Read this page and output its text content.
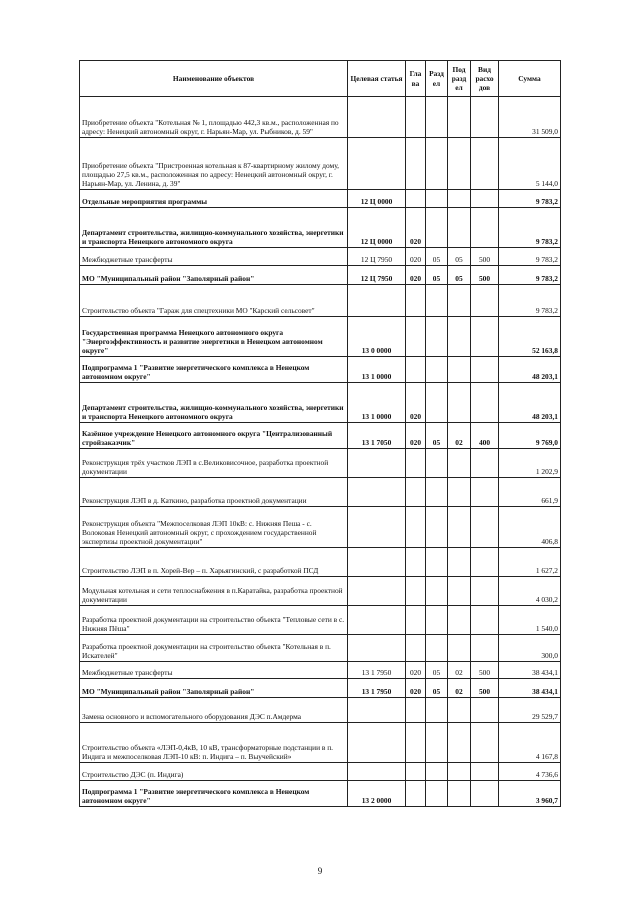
Наименование объектов	Целевая статья	Гла ва	Разд ел	Под разд ел	Вид расхо дов	Сумма
Приобретение объекта "Котельная № 1, площадью 442,3 кв.м., расположенная по адресу: Ненецкий автономный округ, г. Нарьян-Мар, ул. Рыбников, д. 59"						31 509,0
Приобретение объекта "Пристроенная котельная к 87-квартирному жилому дому, площадью 27,5 кв.м., расположенная по адресу: Ненецкий автономный округ, г. Нарьян-Мар, ул. Ленина, д. 39"						5 144,0
Отдельные мероприятия программы	12 Ц 0000					9 783,2
Департамент строительства, жилищно-коммунального хозяйства, энергетики и транспорта Ненецкого автономного округа	12 Ц 0000	020				9 783,2
Межбюджетные трансферты	12 Ц 7950	020	05	05	500	9 783,2
МО "Муниципальный район "Заполярный район"	12 Ц 7950	020	05	05	500	9 783,2
Строительство объекта "Гараж для спецтехники МО "Карский сельсовет"						9 783,2
Государственная программа Ненецкого автономного округа "Энергоэффективность и развитие энергетики в Ненецком автономном округе"	13 0 0000					52 163,8
Подпрограмма 1 "Развитие энергетического комплекса в Ненецком автономном округе"	13 1 0000					48 203,1
Департамент строительства, жилищно-коммунального хозяйства, энергетики и транспорта Ненецкого автономного округа	13 1 0000	020				48 203,1
Казённое учреждение Ненецкого автономного округа "Централизованный стройзаказчик"	13 1 7050	020	05	02	400	9 769,0
Реконструкция трёх участков ЛЭП в с.Великовисочное, разработка проектной документации						1 202,9
Реконструкция ЛЭП в д. Каткино, разработка проектной документации						661,9
Реконструкция объекта "Межпоселковая ЛЭП 10кВ: с. Нижняя Пеша - с. Волоковая Ненецкий автономный округ, с прохождением государственной экспертизы проектной документации"						406,8
Строительство ЛЭП в п. Хорей-Вер – п. Харьягинский, с разработкой ПСД						1 627,2
Модульная котельная и сети теплоснабжения в п.Каратайка, разработка проектной документации						4 030,2
Разработка проектной документации на строительство объекта "Тепловые сети в с. Нижняя Пёша"						1 540,0
Разработка проектной документации на строительство объекта "Котельная в п. Искателей"						300,0
Межбюджетные трансферты	13 1 7950	020	05	02	500	38 434,1
МО "Муниципальный район "Заполярный район"	13 1 7950	020	05	02	500	38 434,1
Замена основного и вспомогательного оборудования ДЭС п.Амдерма						29 529,7
Строительство объекта «ЛЭП-0,4кВ, 10 кВ, трансформаторные подстанции в п. Индига и межпоселковая ЛЭП-10 кВ: п. Индига – п. Выучейский»						4 167,8
Строительство ДЭС (п. Индига)						4 736,6
Подпрограмма 1 "Развитие энергетического комплекса в Ненецком автономном округе"	13 2 0000					3 960,7
9
